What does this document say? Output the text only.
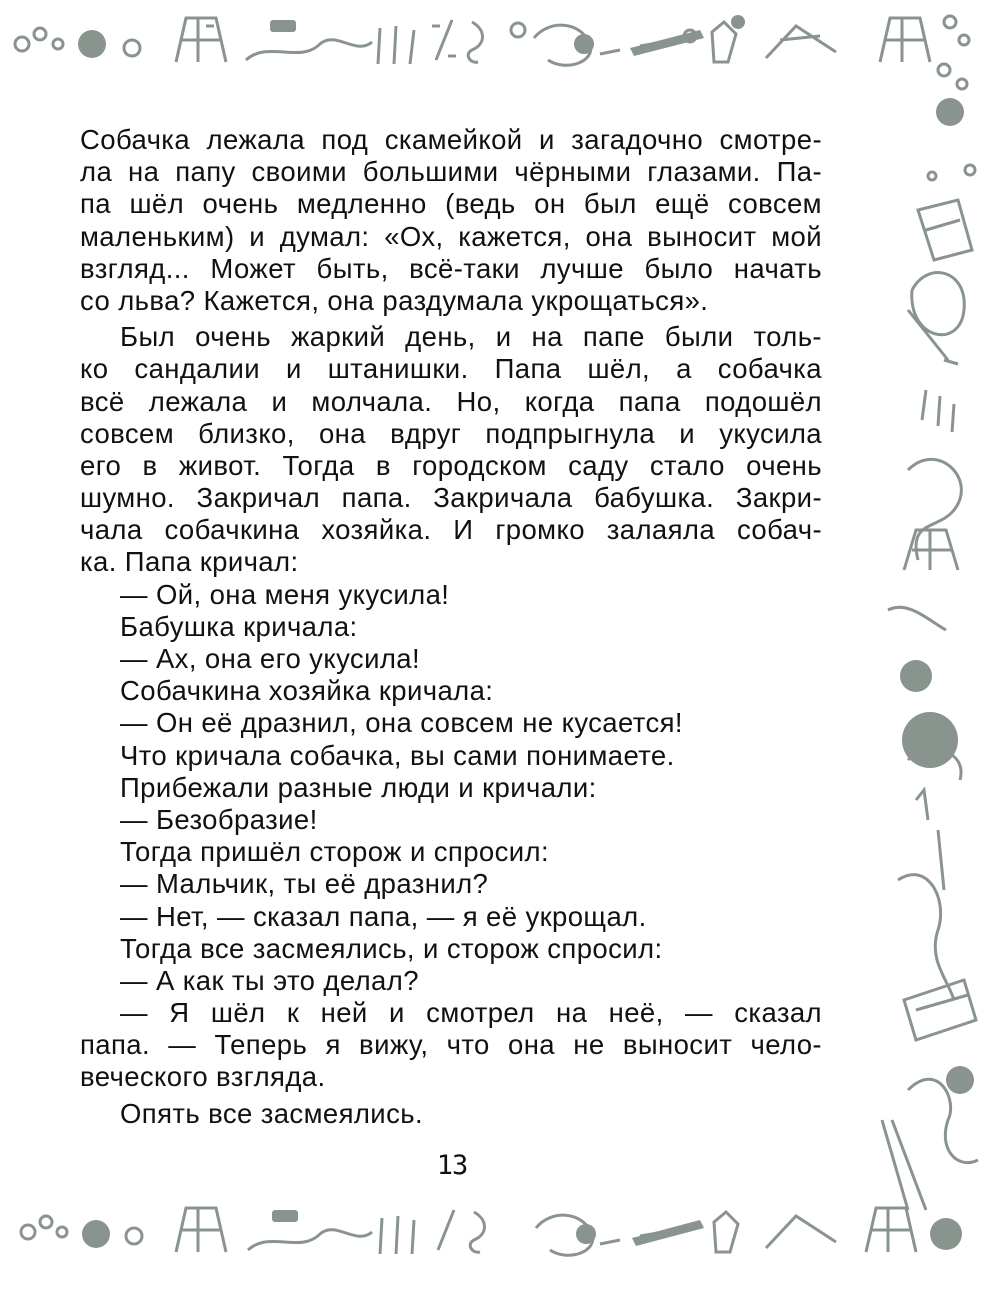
Собачка лежала под скамейкой и загадочно смотре-
ла на папу своими большими чёрными глазами. Па-
па шёл очень медленно (ведь он был ещё совсем
маленьким) и думал: «Ох, кажется, она выносит мой
взгляд... Может быть, всё-таки лучше было начать
со льва? Кажется, она раздумала укрощаться».
Был очень жаркий день, и на папе были толь-
ко сандалии и штанишки. Папа шёл, а собачка
всё лежала и молчала. Но, когда папа подошёл
совсем близко, она вдруг подпрыгнула и укусила
его в живот. Тогда в городском саду стало очень
шумно. Закричал папа. Закричала бабушка. Закри-
чала собачкина хозяйка. И громко залаяла собач-
ка. Папа кричал:
— Ой, она меня укусила!
Бабушка кричала:
— Ах, она его укусила!
Собачкина хозяйка кричала:
— Он её дразнил, она совсем не кусается!
Что кричала собачка, вы сами понимаете.
Прибежали разные люди и кричали:
— Безобразие!
Тогда пришёл сторож и спросил:
— Мальчик, ты её дразнил?
— Нет, — сказал папа, — я её укрощал.
Тогда все засмеялись, и сторож спросил:
— А как ты это делал?
— Я шёл к ней и смотрел на неё, — сказал
папа. — Теперь я вижу, что она не выносит чело-
веческого взгляда.
Опять все засмеялись.
13
